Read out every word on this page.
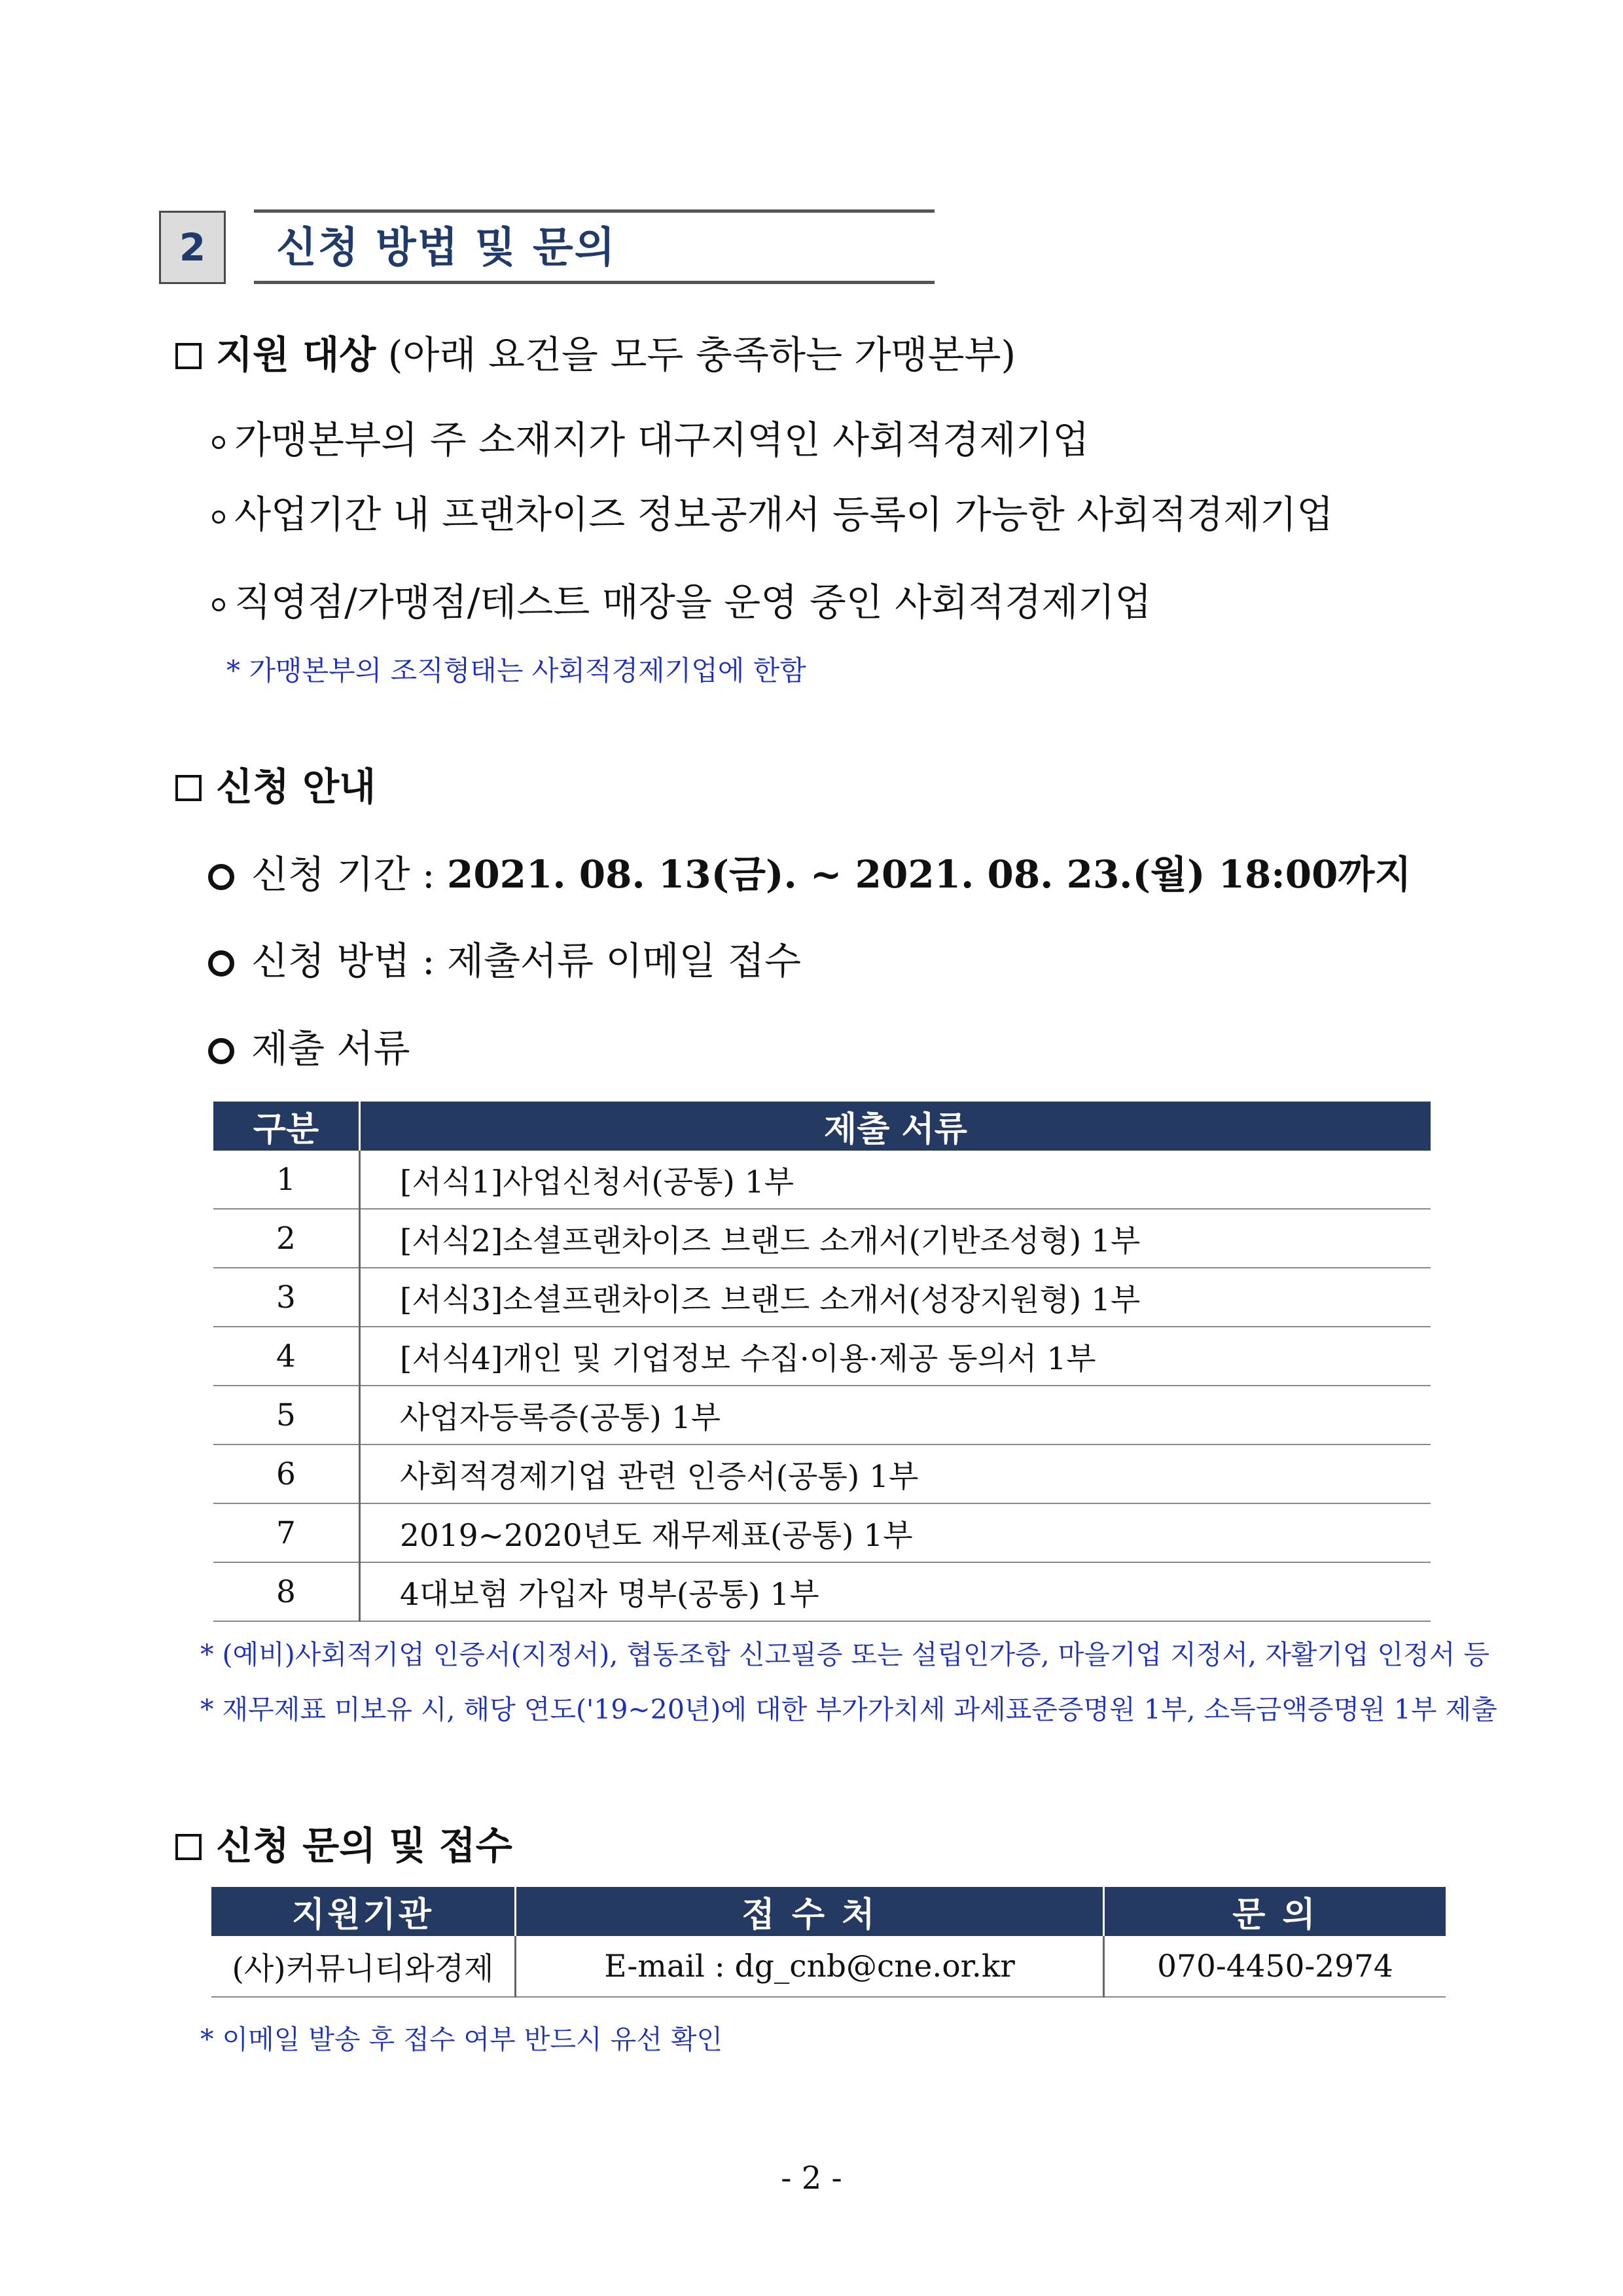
2	신청 방법 및 문의
지원 대상 (아래 요건을 모두 충족하는 가맹본부)
가맹본부의 주 소재지가 대구지역인 사회적경제기업
사업기간 내 프랜차이즈 정보공개서 등록이 가능한 사회적경제기업
직영점/가맹점/테스트 매장을 운영 중인 사회적경제기업
* 가맹본부의 조직형태는 사회적경제기업에 한함
신청 안내
신청 기간 : 2021. 08. 13(금). ~ 2021. 08. 23.(월) 18:00까지
신청 방법 : 제출서류 이메일 접수
제출 서류
구분	제출 서류
1	[서식1]사업신청서(공통) 1부
2	[서식2]소셜프랜차이즈 브랜드 소개서(기반조성형) 1부
3	[서식3]소셜프랜차이즈 브랜드 소개서(성장지원형) 1부
4	[서식4]개인 및 기업정보 수집·이용·제공 동의서 1부
5	사업자등록증(공통) 1부
6	사회적경제기업 관련 인증서(공통) 1부
7	2019~2020년도 재무제표(공통) 1부
8	4대보험 가입자 명부(공통) 1부
* (예비)사회적기업 인증서(지정서), 협동조합 신고필증 또는 설립인가증, 마을기업 지정서, 자활기업 인정서 등
* 재무제표 미보유 시, 해당 연도('19~20년)에 대한 부가가치세 과세표준증명원 1부, 소득금액증명원 1부 제출
신청 문의 및 접수
지원기관	접 수 처	문 의
(사)커뮤니티와경제	E-mail : dg_cnb@cne.or.kr	070-4450-2974
* 이메일 발송 후 접수 여부 반드시 유선 확인
- 2 -
